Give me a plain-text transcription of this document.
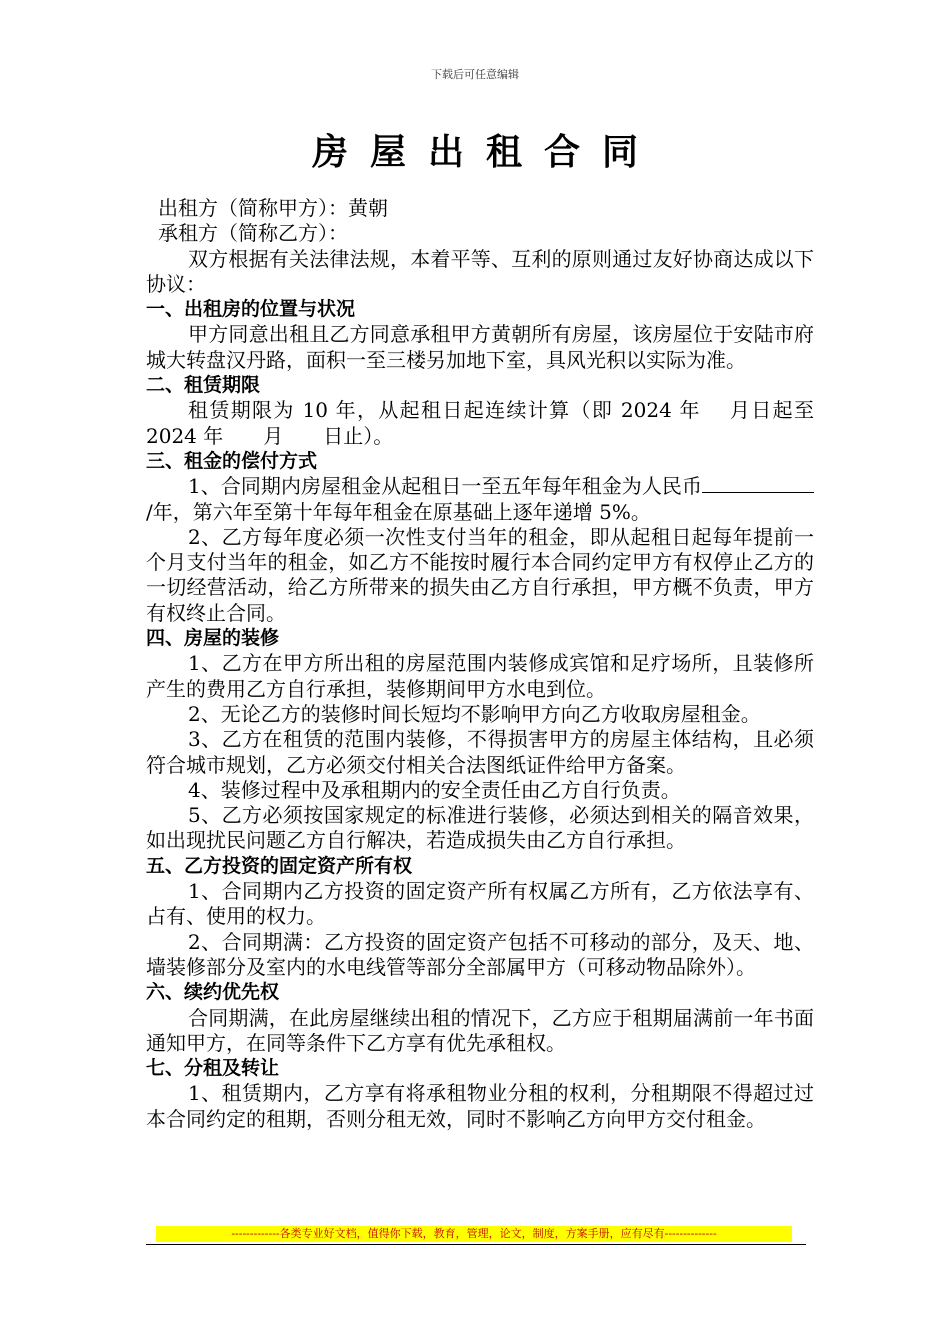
下载后可任意编辑
房屋出租合同

出租方（简称甲方）：黄朝

承租方（简称乙方）：

双方根据有关法律法规，本着平等、互利的原则通过友好协商达成以下协议：

一、出租房的位置与状况

甲方同意出租且乙方同意承租甲方黄朝所有房屋，该房屋位于安陆市府城大转盘汉丹路，面积一至三楼另加地下室，具风光积以实际为准。

二、租赁期限

租赁期限为 10 年，从起租日起连续计算（即 2024 年　 月日起至 2024 年　　月　　日止）。

三、租金的偿付方式

1、合同期内房屋租金从起租日一至五年每年租金为人民币/年，第六年至第十年每年租金在原基础上逐年递增 5%。

2、乙方每年度必须一次性支付当年的租金，即从起租日起每年提前一个月支付当年的租金，如乙方不能按时履行本合同约定甲方有权停止乙方的一切经营活动，给乙方所带来的损失由乙方自行承担，甲方概不负责，甲方有权终止合同。

四、房屋的装修

1、乙方在甲方所出租的房屋范围内装修成宾馆和足疗场所，且装修所产生的费用乙方自行承担，装修期间甲方水电到位。

2、无论乙方的装修时间长短均不影响甲方向乙方收取房屋租金。

3、乙方在租赁的范围内装修，不得损害甲方的房屋主体结构，且必须符合城市规划，乙方必须交付相关合法图纸证件给甲方备案。

4、装修过程中及承租期内的安全责任由乙方自行负责。

5、乙方必须按国家规定的标准进行装修，必须达到相关的隔音效果，如出现扰民问题乙方自行解决，若造成损失由乙方自行承担。

五、乙方投资的固定资产所有权

1、合同期内乙方投资的固定资产所有权属乙方所有，乙方依法享有、占有、使用的权力。

2、合同期满：乙方投资的固定资产包括不可移动的部分，及天、地、墙装修部分及室内的水电线管等部分全部属甲方（可移动物品除外）。

六、续约优先权

合同期满，在此房屋继续出租的情况下，乙方应于租期届满前一年书面通知甲方，在同等条件下乙方享有优先承租权。

七、分租及转让

1、租赁期内，乙方享有将承租物业分租的权利，分租期限不得超过过本合同约定的租期，否则分租无效，同时不影响乙方向甲方交付租金。

-------------各类专业好文档，值得你下载，教育，管理，论文，制度，方案手册，应有尽有--------------
